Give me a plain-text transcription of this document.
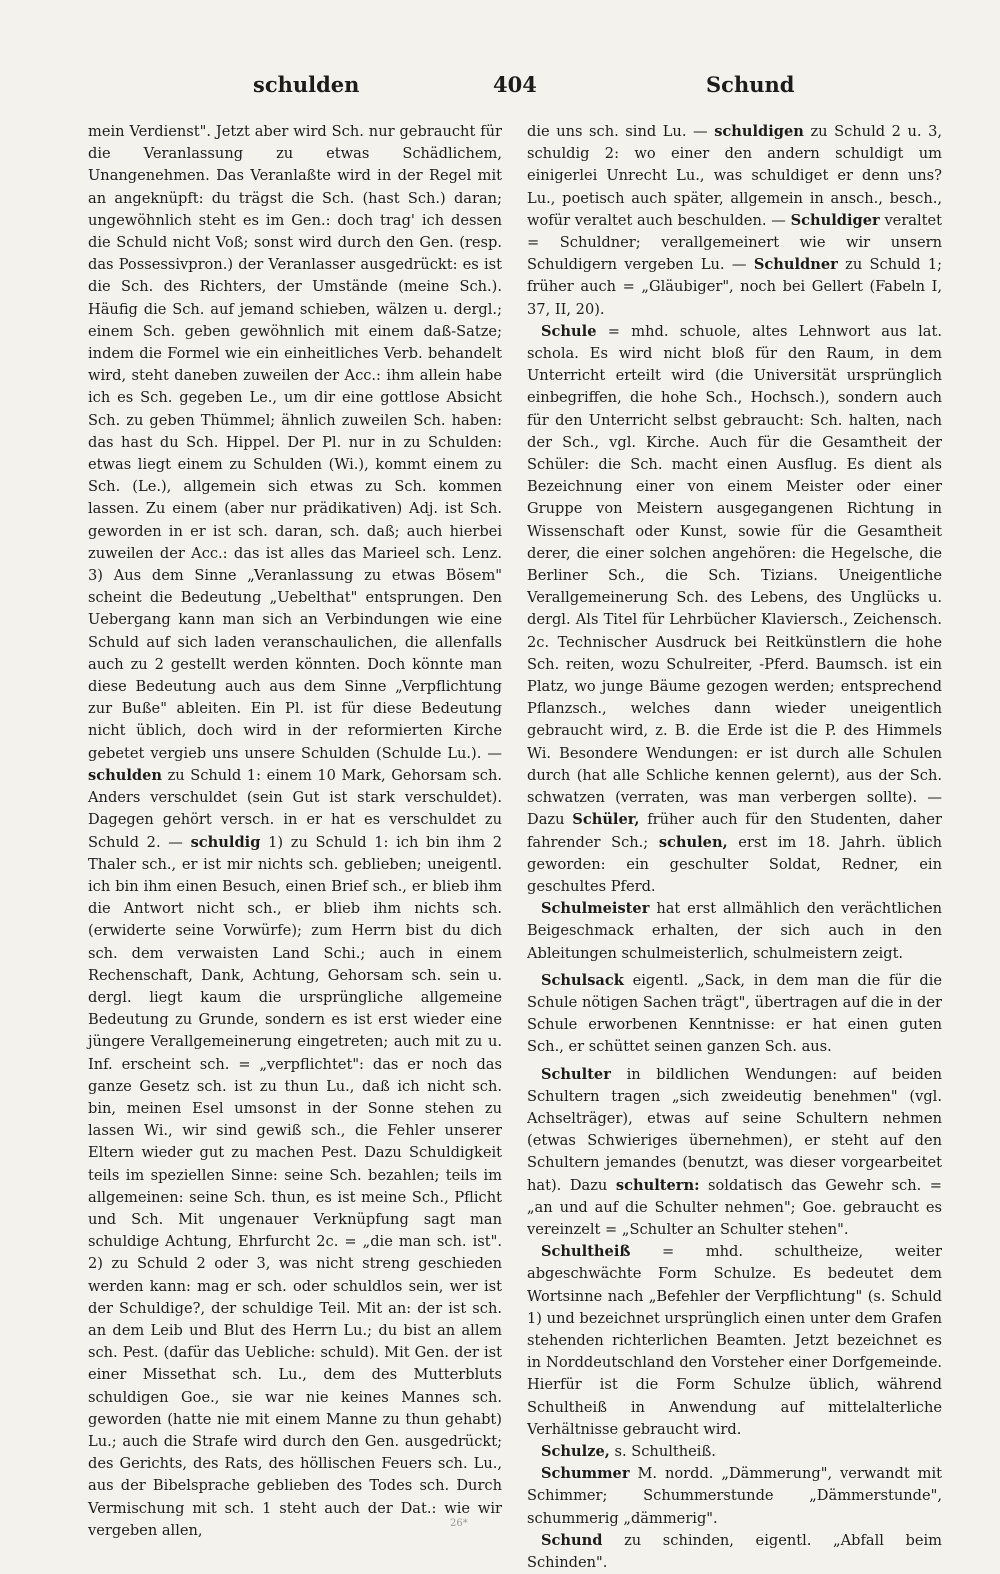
schulden	404	Schund

mein Verdienst". Jetzt aber wird Sch. nur gebraucht für die Veranlassung zu etwas Schädlichem, Unangenehmen. Das Veranlaßte wird in der Regel mit an angeknüpft: du trägst die Sch. (hast Sch.) daran; ungewöhnlich steht es im Gen.: doch trag' ich dessen die Schuld nicht Voß; sonst wird durch den Gen. (resp. das Possessivpron.) der Veranlasser ausgedrückt: es ist die Sch. des Richters, der Umstände (meine Sch.). Häufig die Sch. auf jemand schieben, wälzen u. dergl.; einem Sch. geben gewöhnlich mit einem daß-Satze; indem die Formel wie ein einheitliches Verb. behandelt wird, steht daneben zuweilen der Acc.: ihm allein habe ich es Sch. gegeben Le., um dir eine gottlose Absicht Sch. zu geben Thümmel; ähnlich zuweilen Sch. haben: das hast du Sch. Hippel. Der Pl. nur in zu Schulden: etwas liegt einem zu Schulden (Wi.), kommt einem zu Sch. (Le.), allgemein sich etwas zu Sch. kommen lassen. Zu einem (aber nur prädikativen) Adj. ist Sch. geworden in er ist sch. daran, sch. daß; auch hierbei zuweilen der Acc.: das ist alles das Marieel sch. Lenz. 3) Aus dem Sinne „Veranlassung zu etwas Bösem" scheint die Bedeutung „Uebelthat" entsprungen. Den Uebergang kann man sich an Verbindungen wie eine Schuld auf sich laden veranschaulichen, die allenfalls auch zu 2 gestellt werden könnten. Doch könnte man diese Bedeutung auch aus dem Sinne „Verpflichtung zur Buße" ableiten. Ein Pl. ist für diese Bedeutung nicht üblich, doch wird in der reformierten Kirche gebetet vergieb uns unsere Schulden (Schulde Lu.). — schulden zu Schuld 1: einem 10 Mark, Gehorsam sch. Anders verschuldet (sein Gut ist stark verschuldet). Dagegen gehört versch. in er hat es verschuldet zu Schuld 2. — schuldig 1) zu Schuld 1: ich bin ihm 2 Thaler sch., er ist mir nichts sch. geblieben; uneigentl. ich bin ihm einen Besuch, einen Brief sch., er blieb ihm die Antwort nicht sch., er blieb ihm nichts sch. (erwiderte seine Vorwürfe); zum Herrn bist du dich sch. dem verwaisten Land Schi.; auch in einem Rechenschaft, Dank, Achtung, Gehorsam sch. sein u. dergl. liegt kaum die ursprüngliche allgemeine Bedeutung zu Grunde, sondern es ist erst wieder eine jüngere Verallgemeinerung eingetreten; auch mit zu u. Inf. erscheint sch. = „verpflichtet": das er noch das ganze Gesetz sch. ist zu thun Lu., daß ich nicht sch. bin, meinen Esel umsonst in der Sonne stehen zu lassen Wi., wir sind gewiß sch., die Fehler unserer Eltern wieder gut zu machen Pest. Dazu Schuldigkeit teils im speziellen Sinne: seine Sch. bezahlen; teils im allgemeinen: seine Sch. thun, es ist meine Sch., Pflicht und Sch. Mit ungenauer Verknüpfung sagt man schuldige Achtung, Ehrfurcht 2c. = „die man sch. ist". 2) zu Schuld 2 oder 3, was nicht streng geschieden werden kann: mag er sch. oder schuldlos sein, wer ist der Schuldige?, der schuldige Teil. Mit an: der ist sch. an dem Leib und Blut des Herrn Lu.; du bist an allem sch. Pest. (dafür das Uebliche: schuld). Mit Gen. der ist einer Missethat sch. Lu., dem des Mutterbluts schuldigen Goe., sie war nie keines Mannes sch. geworden (hatte nie mit einem Manne zu thun gehabt) Lu.; auch die Strafe wird durch den Gen. ausgedrückt; des Gerichts, des Rats, des höllischen Feuers sch. Lu., aus der Bibelsprache geblieben des Todes sch. Durch Vermischung mit sch. 1 steht auch der Dat.: wie wir vergeben allen,

die uns sch. sind Lu. — schuldigen zu Schuld 2 u. 3, schuldig 2: wo einer den andern schuldigt um einigerlei Unrecht Lu., was schuldiget er denn uns? Lu., poetisch auch später, allgemein in ansch., besch., wofür veraltet auch beschulden. — Schuldiger veraltet = Schuldner; verallgemeinert wie wir unsern Schuldigern vergeben Lu. — Schuldner zu Schuld 1; früher auch = „Gläubiger", noch bei Gellert (Fabeln I, 37, II, 20).

Schule = mhd. schuole, altes Lehnwort aus lat. schola. Es wird nicht bloß für den Raum, in dem Unterricht erteilt wird (die Universität ursprünglich einbegriffen, die hohe Sch., Hochsch.), sondern auch für den Unterricht selbst gebraucht: Sch. halten, nach der Sch., vgl. Kirche. Auch für die Gesamtheit der Schüler: die Sch. macht einen Ausflug. Es dient als Bezeichnung einer von einem Meister oder einer Gruppe von Meistern ausgegangenen Richtung in Wissenschaft oder Kunst, sowie für die Gesamtheit derer, die einer solchen angehören: die Hegelsche, die Berliner Sch., die Sch. Tizians. Uneigentliche Verallgemeinerung Sch. des Lebens, des Unglücks u. dergl. Als Titel für Lehrbücher Klaviersch., Zeichensch. 2c. Technischer Ausdruck bei Reitkünstlern die hohe Sch. reiten, wozu Schulreiter, -Pferd. Baumsch. ist ein Platz, wo junge Bäume gezogen werden; entsprechend Pflanzsch., welches dann wieder uneigentlich gebraucht wird, z. B. die Erde ist die P. des Himmels Wi. Besondere Wendungen: er ist durch alle Schulen durch (hat alle Schliche kennen gelernt), aus der Sch. schwatzen (verraten, was man verbergen sollte). — Dazu Schüler, früher auch für den Studenten, daher fahrender Sch.; schulen, erst im 18. Jahrh. üblich geworden: ein geschulter Soldat, Redner, ein geschultes Pferd.

Schulmeister hat erst allmählich den verächtlichen Beigeschmack erhalten, der sich auch in den Ableitungen schulmeisterlich, schulmeistern zeigt.

Schulsack eigentl. „Sack, in dem man die für die Schule nötigen Sachen trägt", übertragen auf die in der Schule erworbenen Kenntnisse: er hat einen guten Sch., er schüttet seinen ganzen Sch. aus.

Schulter in bildlichen Wendungen: auf beiden Schultern tragen „sich zweideutig benehmen" (vgl. Achselträger), etwas auf seine Schultern nehmen (etwas Schwieriges übernehmen), er steht auf den Schultern jemandes (benutzt, was dieser vorgearbeitet hat). Dazu schultern: soldatisch das Gewehr sch. = „an und auf die Schulter nehmen"; Goe. gebraucht es vereinzelt = „Schulter an Schulter stehen".

Schultheiß = mhd. schultheize, weiter abgeschwächte Form Schulze. Es bedeutet dem Wortsinne nach „Befehler der Verpflichtung" (s. Schuld 1) und bezeichnet ursprünglich einen unter dem Grafen stehenden richterlichen Beamten. Jetzt bezeichnet es in Norddeutschland den Vorsteher einer Dorfgemeinde. Hierfür ist die Form Schulze üblich, während Schultheiß in Anwendung auf mittelalterliche Verhältnisse gebraucht wird.

Schulze, s. Schultheiß.

Schummer M. nordd. „Dämmerung", verwandt mit Schimmer; Schummerstunde „Dämmerstunde", schummerig „dämmerig".

Schund zu schinden, eigentl. „Abfall beim Schinden".

26*
